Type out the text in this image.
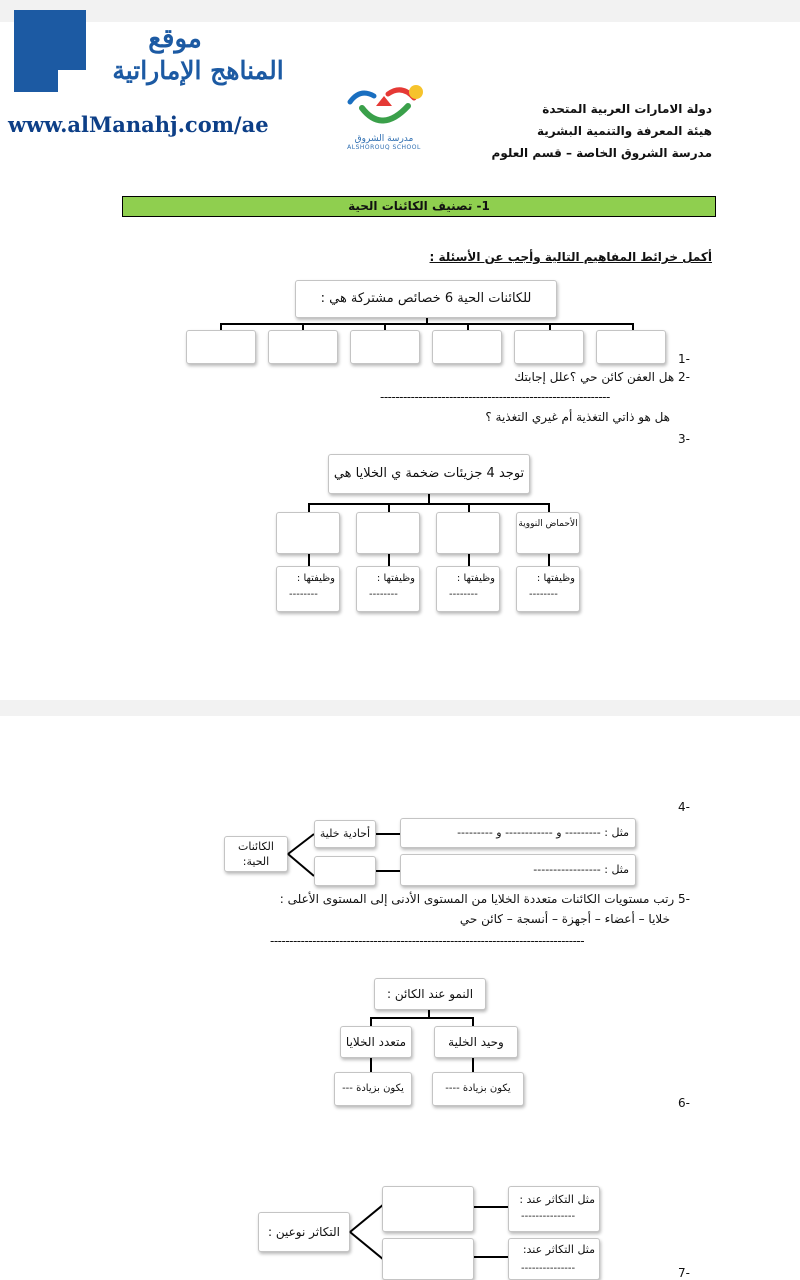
موقع
المناهج الإماراتية
www.alManahj.com/ae
مدرسة الشروق
ALSHOROUQ SCHOOL
دولة الامارات العربية المتحدة
هيئة المعرفة والتنمية البشرية
مدرسة الشروق الخاصة – قسم العلوم
1- تصنيف الكائنات الحية
أكمل خرائط المفاهيم التالية وأجب عن الأسئلة :
للكائنات الحية 6 خصائص مشتركة هي :
-1
-2 هل العفن كائن حي ؟علل إجابتك
------------------------------------------------------------
هل هو ذاتي التغذية أم غيري التغذية ؟
-3
توجد 4 جزيئات ضخمة ي الخلايا هي
الأحماض النووية
وظيفتها :
--------
وظيفتها :
--------
وظيفتها :
--------
وظيفتها :
--------
-4
الكائنات الحية:
أحادية خلية	مثل : --------- و ------------ و ---------
مثل : -----------------
-5 رتب مستويات الكائنات متعددة الخلايا من المستوى الأدنى إلى المستوى الأعلى :
خلايا – أعضاء – أجهزة – أنسجة – كائن حي
----------------------------------------------------------------------------------
النمو عند الكائن :
متعدد الخلايا	وحيد الخلية
يكون بزيادة ---	يكون بزيادة ----
-6
التكاثر نوعين :
مثل التكاثر عند :
---------------
مثل التكاثر عند:
---------------	-7
